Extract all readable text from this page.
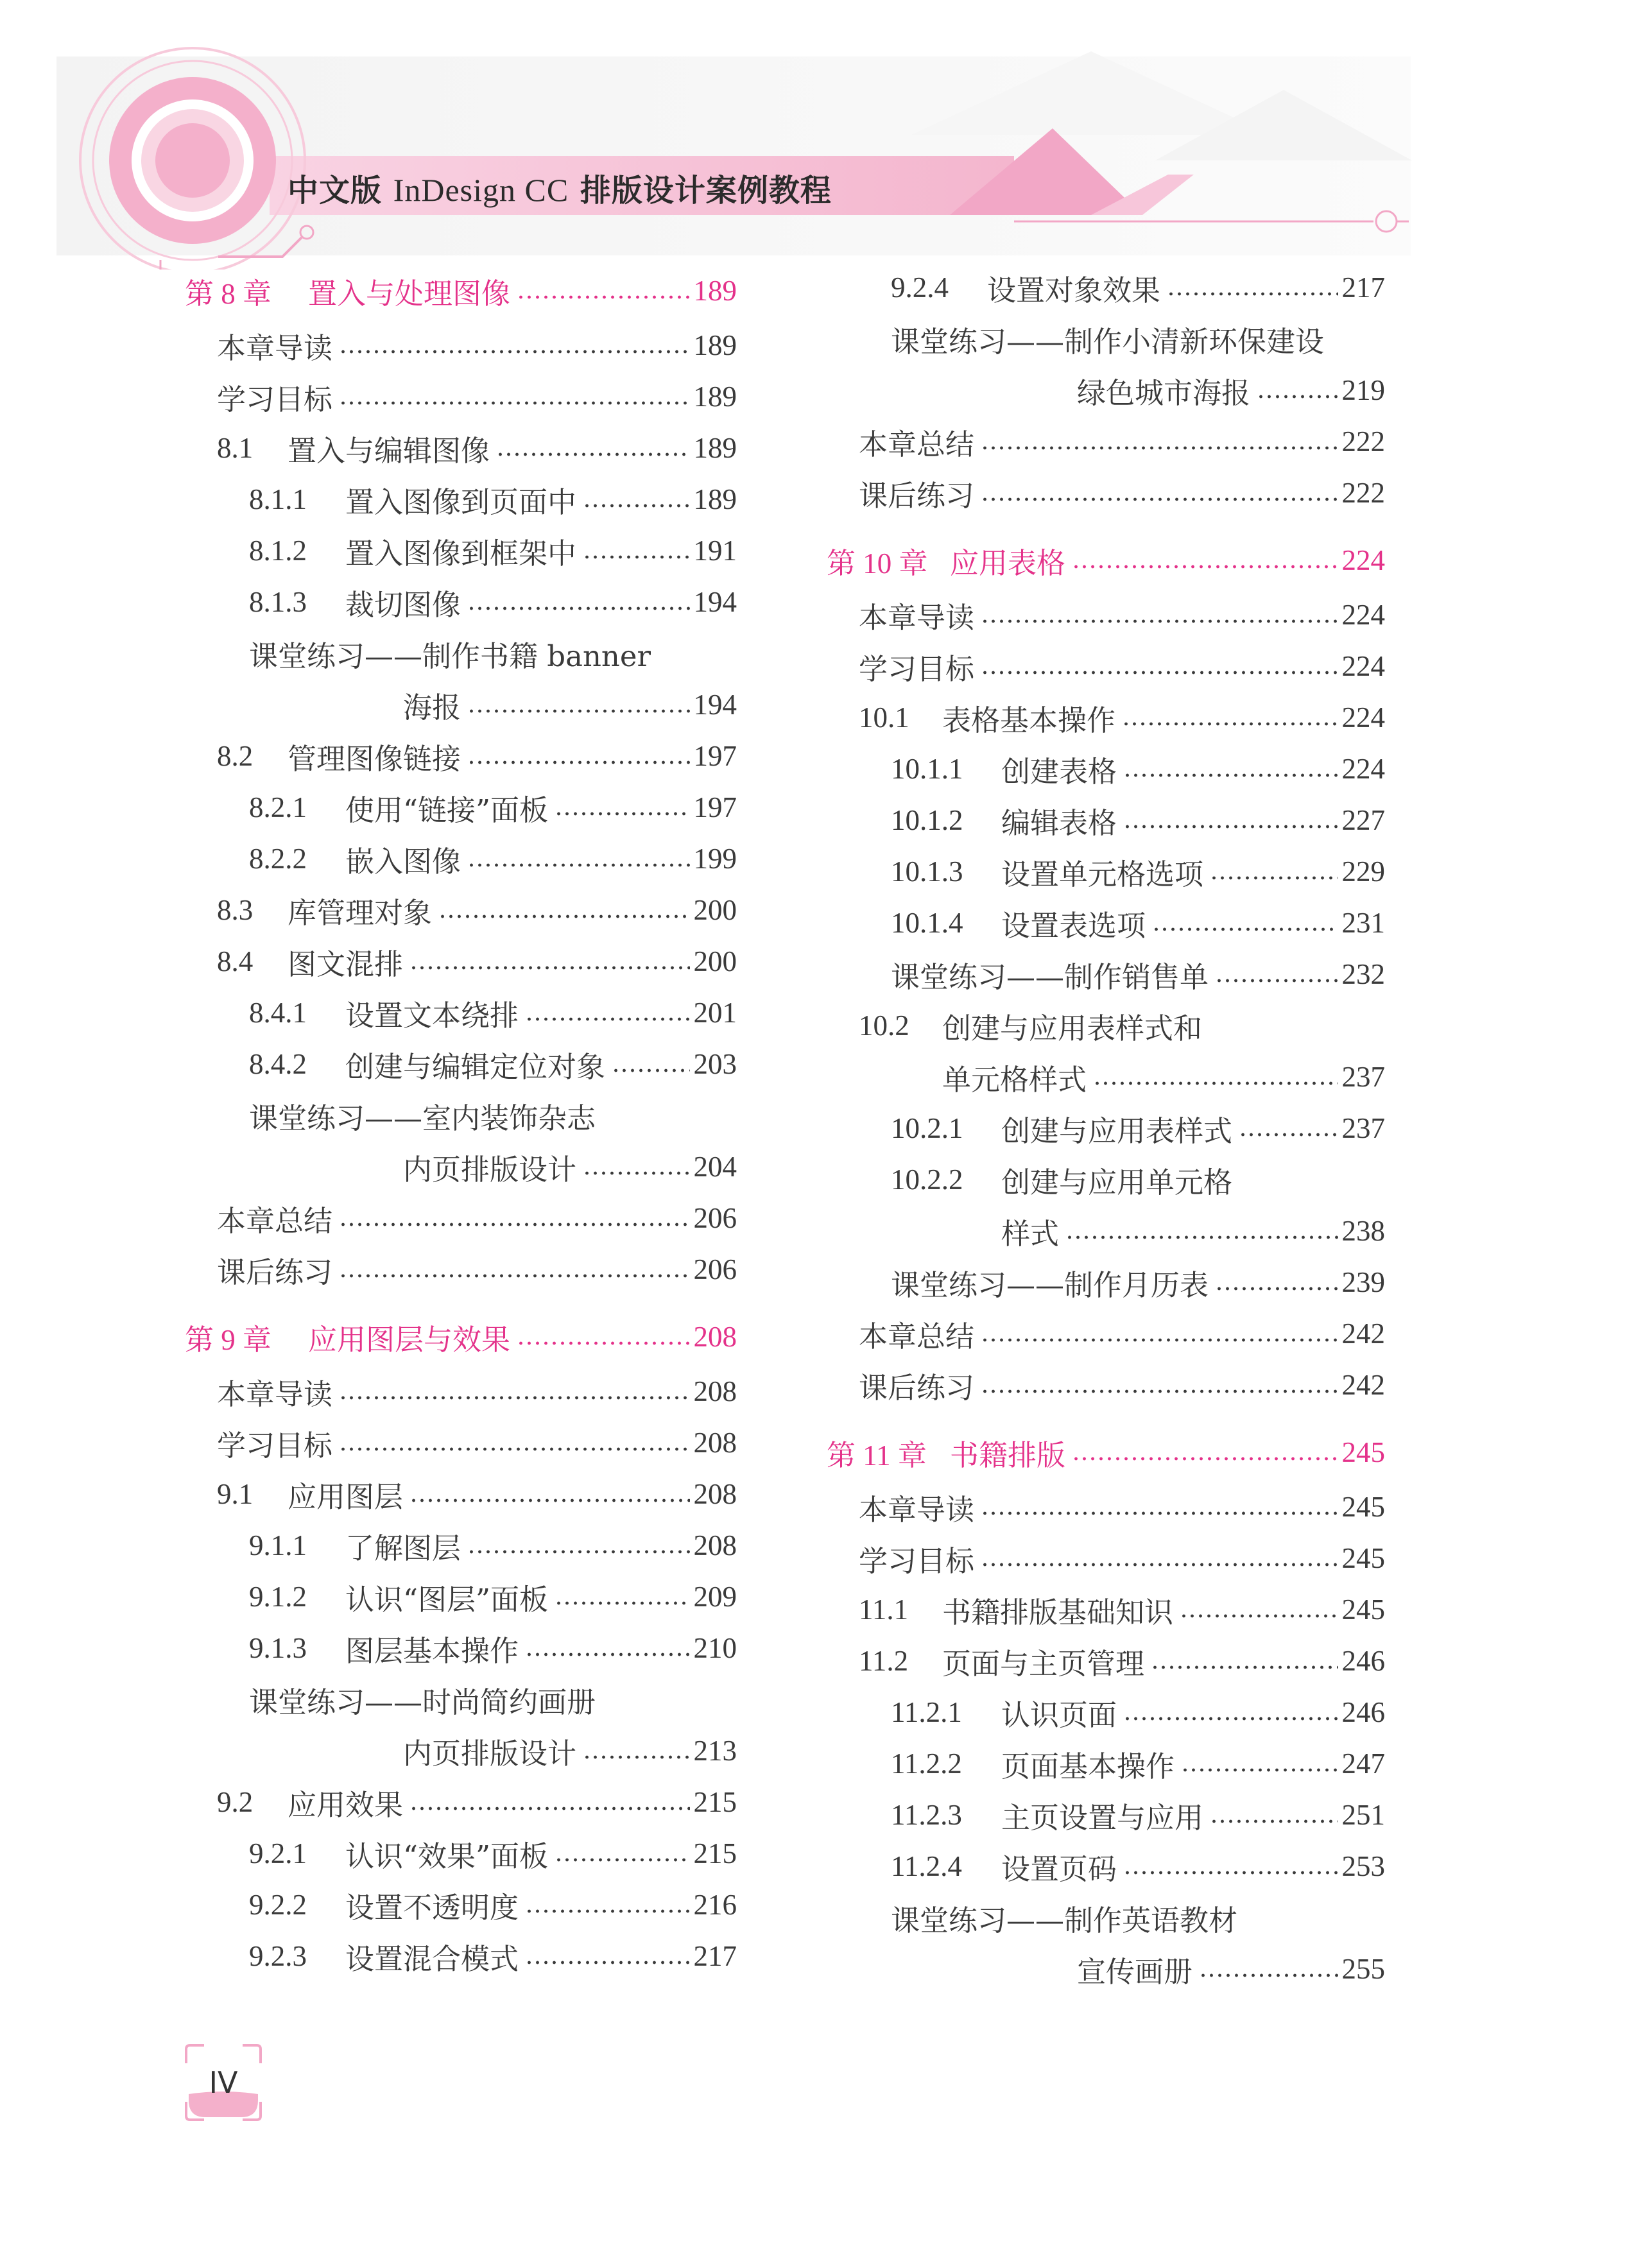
中文版 InDesign CC 排版设计案例教程
第 8 章	置入与处理图像	189
本章导读	189
学习目标	189
8.1	置入与编辑图像	189
8.1.1	置入图像到页面中	189
8.1.2	置入图像到框架中	191
8.1.3	裁切图像	194
课堂练习——制作书籍 banner
海报	194
8.2	管理图像链接	197
8.2.1	使用“链接”面板	197
8.2.2	嵌入图像	199
8.3	库管理对象	200
8.4	图文混排	200
8.4.1	设置文本绕排	201
8.4.2	创建与编辑定位对象	203
课堂练习——室内装饰杂志
内页排版设计	204
本章总结	206
课后练习	206
第 9 章	应用图层与效果	208
本章导读	208
学习目标	208
9.1	应用图层	208
9.1.1	了解图层	208
9.1.2	认识“图层”面板	209
9.1.3	图层基本操作	210
课堂练习——时尚简约画册
内页排版设计	213
9.2	应用效果	215
9.2.1	认识“效果”面板	215
9.2.2	设置不透明度	216
9.2.3	设置混合模式	217
9.2.4	设置对象效果	217
课堂练习——制作小清新环保建设
绿色城市海报	219
本章总结	222
课后练习	222
第 10 章 应用表格	224
本章导读	224
学习目标	224
10.1	表格基本操作	224
10.1.1	创建表格	224
10.1.2	编辑表格	227
10.1.3	设置单元格选项	229
10.1.4	设置表选项	231
课堂练习——制作销售单	232
10.2	创建与应用表样式和
单元格样式	237
10.2.1	创建与应用表样式	237
10.2.2	创建与应用单元格
样式	238
课堂练习——制作月历表	239
本章总结	242
课后练习	242
第 11 章 书籍排版	245
本章导读	245
学习目标	245
11.1	书籍排版基础知识	245
11.2	页面与主页管理	246
11.2.1	认识页面	246
11.2.2	页面基本操作	247
11.2.3	主页设置与应用	251
11.2.4	设置页码	253
课堂练习——制作英语教材
宣传画册	255
IV
